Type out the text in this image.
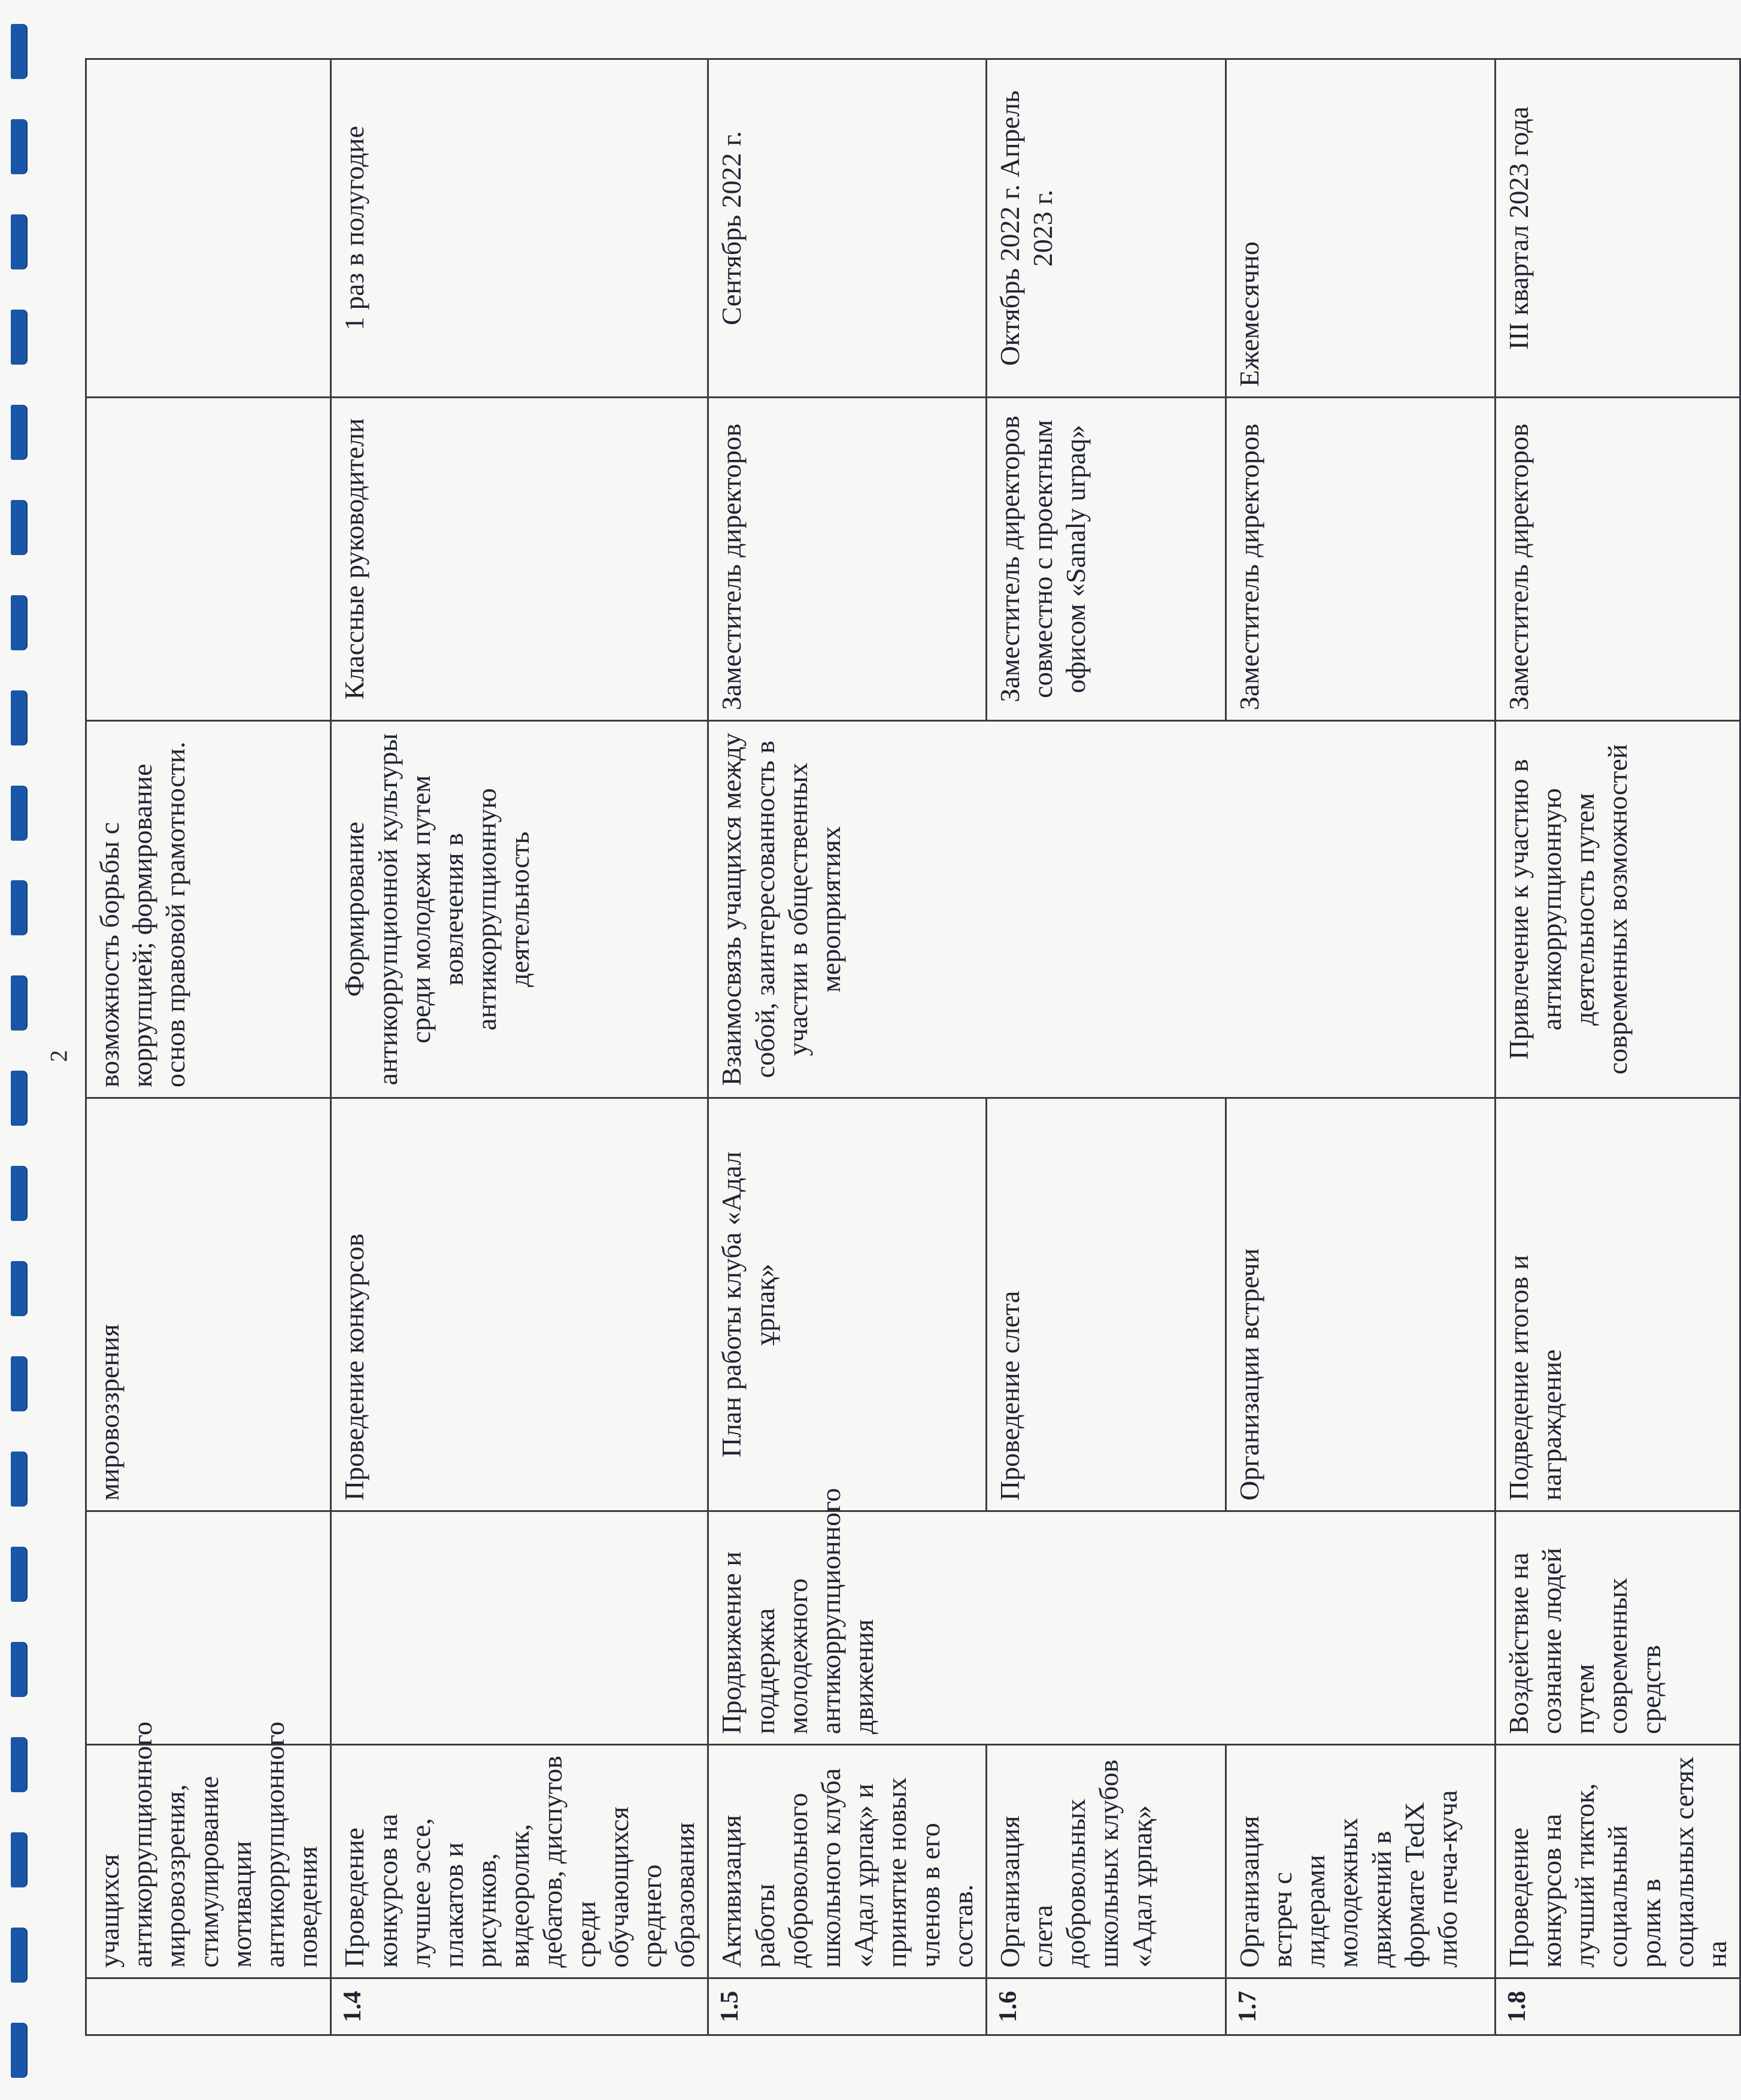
2
	учащихся антикоррупционного мировоззрения, стимулирование мотивации антикоррупционного поведения		мировоззрения	возможность борьбы с коррупцией; формирование основ правовой грамотности.		
1.4	Проведение конкурсов на лучшее эссе, плакатов и рисунков, видеоролик, дебатов, диспутов среди обучающихся среднего образования		Проведение конкурсов	Формирование антикоррупционной культуры среди молодежи путем вовлечения в антикоррупционную деятельность	Классные руководители	1 раз в полугодие
1.5	Активизация работы добровольного школьного клуба «Адал ұрпақ» и принятие новых членов в его состав.	Продвижение и поддержка молодежного антикоррупционного движения	План работы клуба «Адал ұрпақ»	Взаимосвязь учащихся между собой, заинтересованность в участии в общественных мероприятиях	Заместитель директоров	Сентябрь 2022 г.
1.6	Организация слета добровольных школьных клубов «Адал ұрпақ»		Проведение слета		Заместитель директоров совместно с проектным офисом «Sanaly urpaq»	Октябрь 2022 г. Апрель 2023 г.
1.7	Организация встреч с лидерами молодежных движений в формате TedX либо печа-куча		Организации встречи		Заместитель директоров	Ежемесячно
1.8	Проведение конкурсов на лучший тикток, социальный ролик в социальных сетях на	Воздействие на сознание людей путем современных средств	Подведение итогов и награждение	Привлечение к участию в антикоррупционную деятельность путем современных возможностей	Заместитель директоров	III квартал 2023 года
